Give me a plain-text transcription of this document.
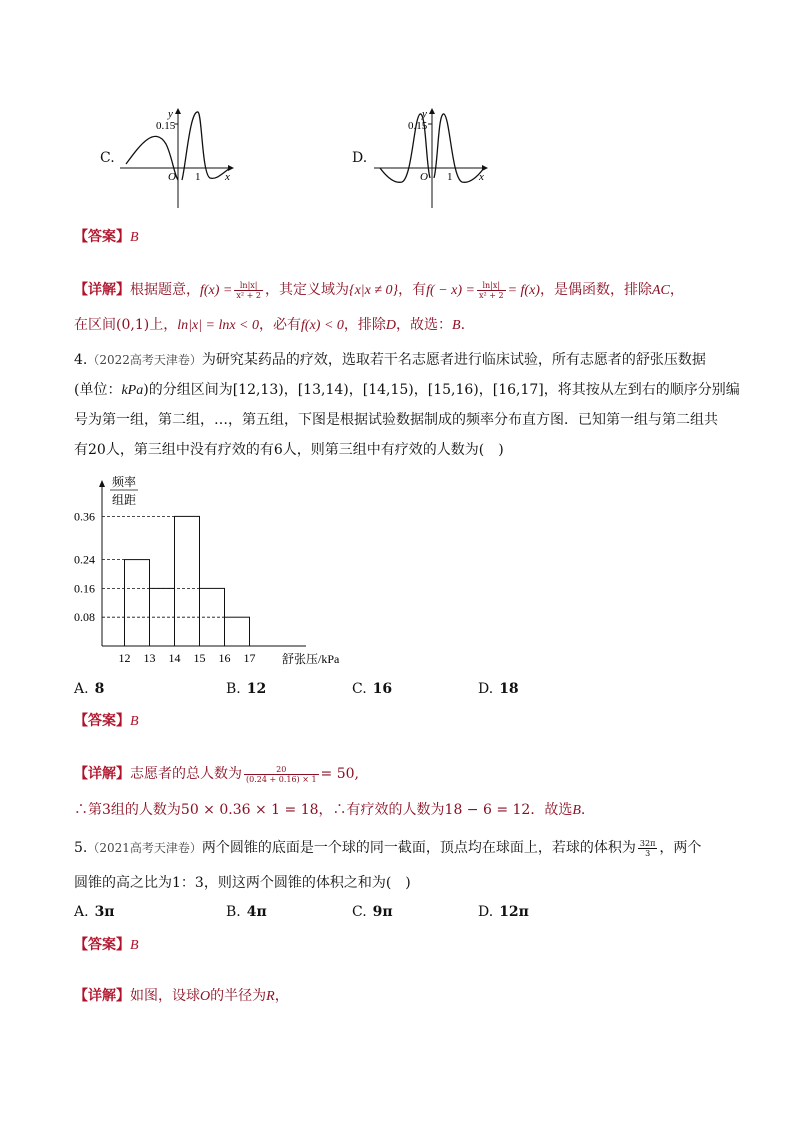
C.
0.15
y
x
O 1
D.
0.15
y
x
O 1
【答案】B
【详解】根据题意，$f(x) = \frac{\ln|x|}{\text{x² + 2}}$ ，其定义域为{x|x ≠ 0}，有$f( - x) = \frac{\ln|x|}{\text{x² + 2}} = f(x)$，是偶函数，排除AC，
在区间(0,1)上，ln|x| = lnx < 0，必有f(x) < 0，排除D，故选：B.
4.（2022高考天津卷）为研究某药品的疗效，选取若干名志愿者进行临床试验，所有志愿者的舒张压数据
(单位：kPa)的分组区间为[12,13)，[13,14)，[14,15)，[15,16)，[16,17]，将其按从左到右的顺序分别编
号为第一组，第二组，…，第五组，下图是根据试验数据制成的频率分布直方图．已知第一组与第二组共
有20人，第三组中没有疗效的有6人，则第三组中有疗效的人数为(　)
0.36
0.24
0.16
0.08
12 13 14 15 16 17
频率
组距
舒张压/kPa
A. 8	B. 12	C. 16	D. 18
【答案】B
【详解】志愿者的总人数为 $\frac{20}{(0.24 + 0.16) \times 1} = 50$,
∴第3组的人数为50 × 0.36 × 1 = 18，∴有疗效的人数为18 − 6 = 12．故选B.
5.（2021高考天津卷）两个圆锥的底面是一个球的同一截面，顶点均在球面上，若球的体积为 $\frac{32\pi}{3}$ ，两个
圆锥的高之比为1：3，则这两个圆锥的体积之和为(　)
A. 3π	B. 4π	C. 9π	D. 12π
【答案】B
【详解】如图，设球O的半径为R，
